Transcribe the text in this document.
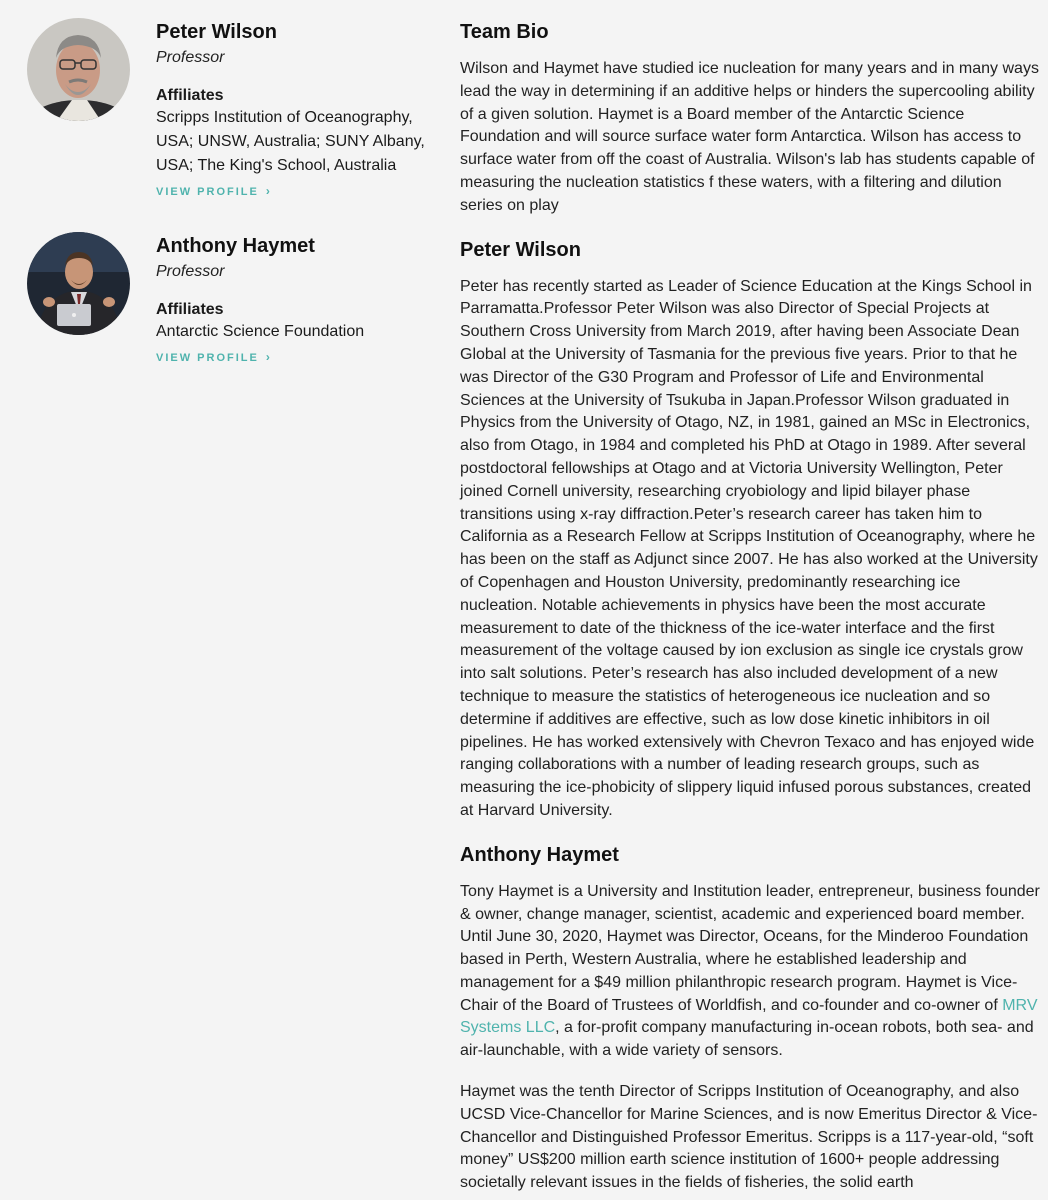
Peter Wilson

Professor

Affiliates

Scripps Institution of Oceanography, USA; UNSW, Australia; SUNY Albany, USA; The King's School, Australia

VIEW PROFILE ›

Anthony Haymet

Professor

Affiliates

Antarctic Science Foundation

VIEW PROFILE ›
Team Bio

Wilson and Haymet have studied ice nucleation for many years and in many ways lead the way in determining if an additive helps or hinders the supercooling ability of a given solution. Haymet is a Board member of the Antarctic Science Foundation and will source surface water form Antarctica. Wilson has access to surface water from off the coast of Australia. Wilson's lab has students capable of measuring the nucleation statistics f these waters, with a filtering and dilution series on play

Peter Wilson

Peter has recently started as Leader of Science Education at the Kings School in Parramatta.Professor Peter Wilson was also Director of Special Projects at Southern Cross University from March 2019, after having been Associate Dean Global at the University of Tasmania for the previous five years. Prior to that he was Director of the G30 Program and Professor of Life and Environmental Sciences at the University of Tsukuba in Japan.Professor Wilson graduated in Physics from the University of Otago, NZ, in 1981, gained an MSc in Electronics, also from Otago, in 1984 and completed his PhD at Otago in 1989. After several postdoctoral fellowships at Otago and at Victoria University Wellington, Peter joined Cornell university, researching cryobiology and lipid bilayer phase transitions using x-ray diffraction.Peter’s research career has taken him to California as a Research Fellow at Scripps Institution of Oceanography, where he has been on the staff as Adjunct since 2007. He has also worked at the University of Copenhagen and Houston University, predominantly researching ice nucleation. Notable achievements in physics have been the most accurate measurement to date of the thickness of the ice-water interface and the first measurement of the voltage caused by ion exclusion as single ice crystals grow into salt solutions. Peter’s research has also included development of a new technique to measure the statistics of heterogeneous ice nucleation and so determine if additives are effective, such as low dose kinetic inhibitors in oil pipelines. He has worked extensively with Chevron Texaco and has enjoyed wide ranging collaborations with a number of leading research groups, such as measuring the ice-phobicity of slippery liquid infused porous substances, created at Harvard University.

Anthony Haymet

Tony Haymet is a University and Institution leader, entrepreneur, business founder & owner, change manager, scientist, academic and experienced board member. Until June 30, 2020, Haymet was Director, Oceans, for the Minderoo Foundation based in Perth, Western Australia, where he established leadership and management for a $49 million philanthropic research program. Haymet is Vice-Chair of the Board of Trustees of Worldfish, and co-founder and co-owner of MRV Systems LLC, a for-profit company manufacturing in-ocean robots, both sea- and air-launchable, with a wide variety of sensors.

Haymet was the tenth Director of Scripps Institution of Oceanography, and also UCSD Vice-Chancellor for Marine Sciences, and is now Emeritus Director & Vice-Chancellor and Distinguished Professor Emeritus. Scripps is a 117-year-old, “soft money” US$200 million earth science institution of 1600+ people addressing societally relevant issues in the fields of fisheries, the solid earth
